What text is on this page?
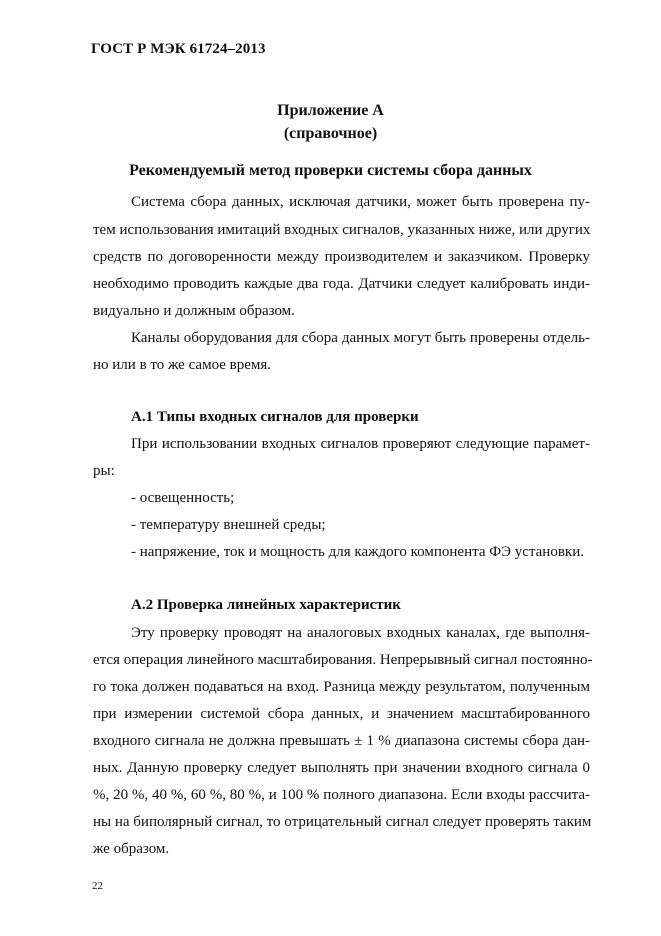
ГОСТ Р МЭК 61724–2013
Приложение А
(справочное)
Рекомендуемый метод проверки системы сбора данных
Система сбора данных, исключая датчики, может быть проверена пу-
тем использования имитаций входных сигналов, указанных ниже, или других
средств по договоренности между производителем и заказчиком. Проверку
необходимо проводить каждые два года. Датчики следует калибровать инди-
видуально и должным образом.
Каналы оборудования для сбора данных могут быть проверены отдель-
но или в то же самое время.
А.1 Типы входных сигналов для проверки
При использовании входных сигналов проверяют следующие парамет-
ры:
- освещенность;
- температуру внешней среды;
- напряжение, ток и мощность для каждого компонента ФЭ установки.
А.2 Проверка линейных характеристик
Эту проверку проводят на аналоговых входных каналах, где выполня-
ется операция линейного масштабирования. Непрерывный сигнал постоянно-
го тока должен подаваться на вход. Разница между результатом, полученным
при измерении системой сбора данных, и значением масштабированного
входного сигнала не должна превышать ± 1 % диапазона системы сбора дан-
ных. Данную проверку следует выполнять при значении входного сигнала 0
%, 20 %, 40 %, 60 %, 80 %, и 100 % полного диапазона. Если входы рассчита-
ны на биполярный сигнал, то отрицательный сигнал следует проверять таким
же образом.
22
